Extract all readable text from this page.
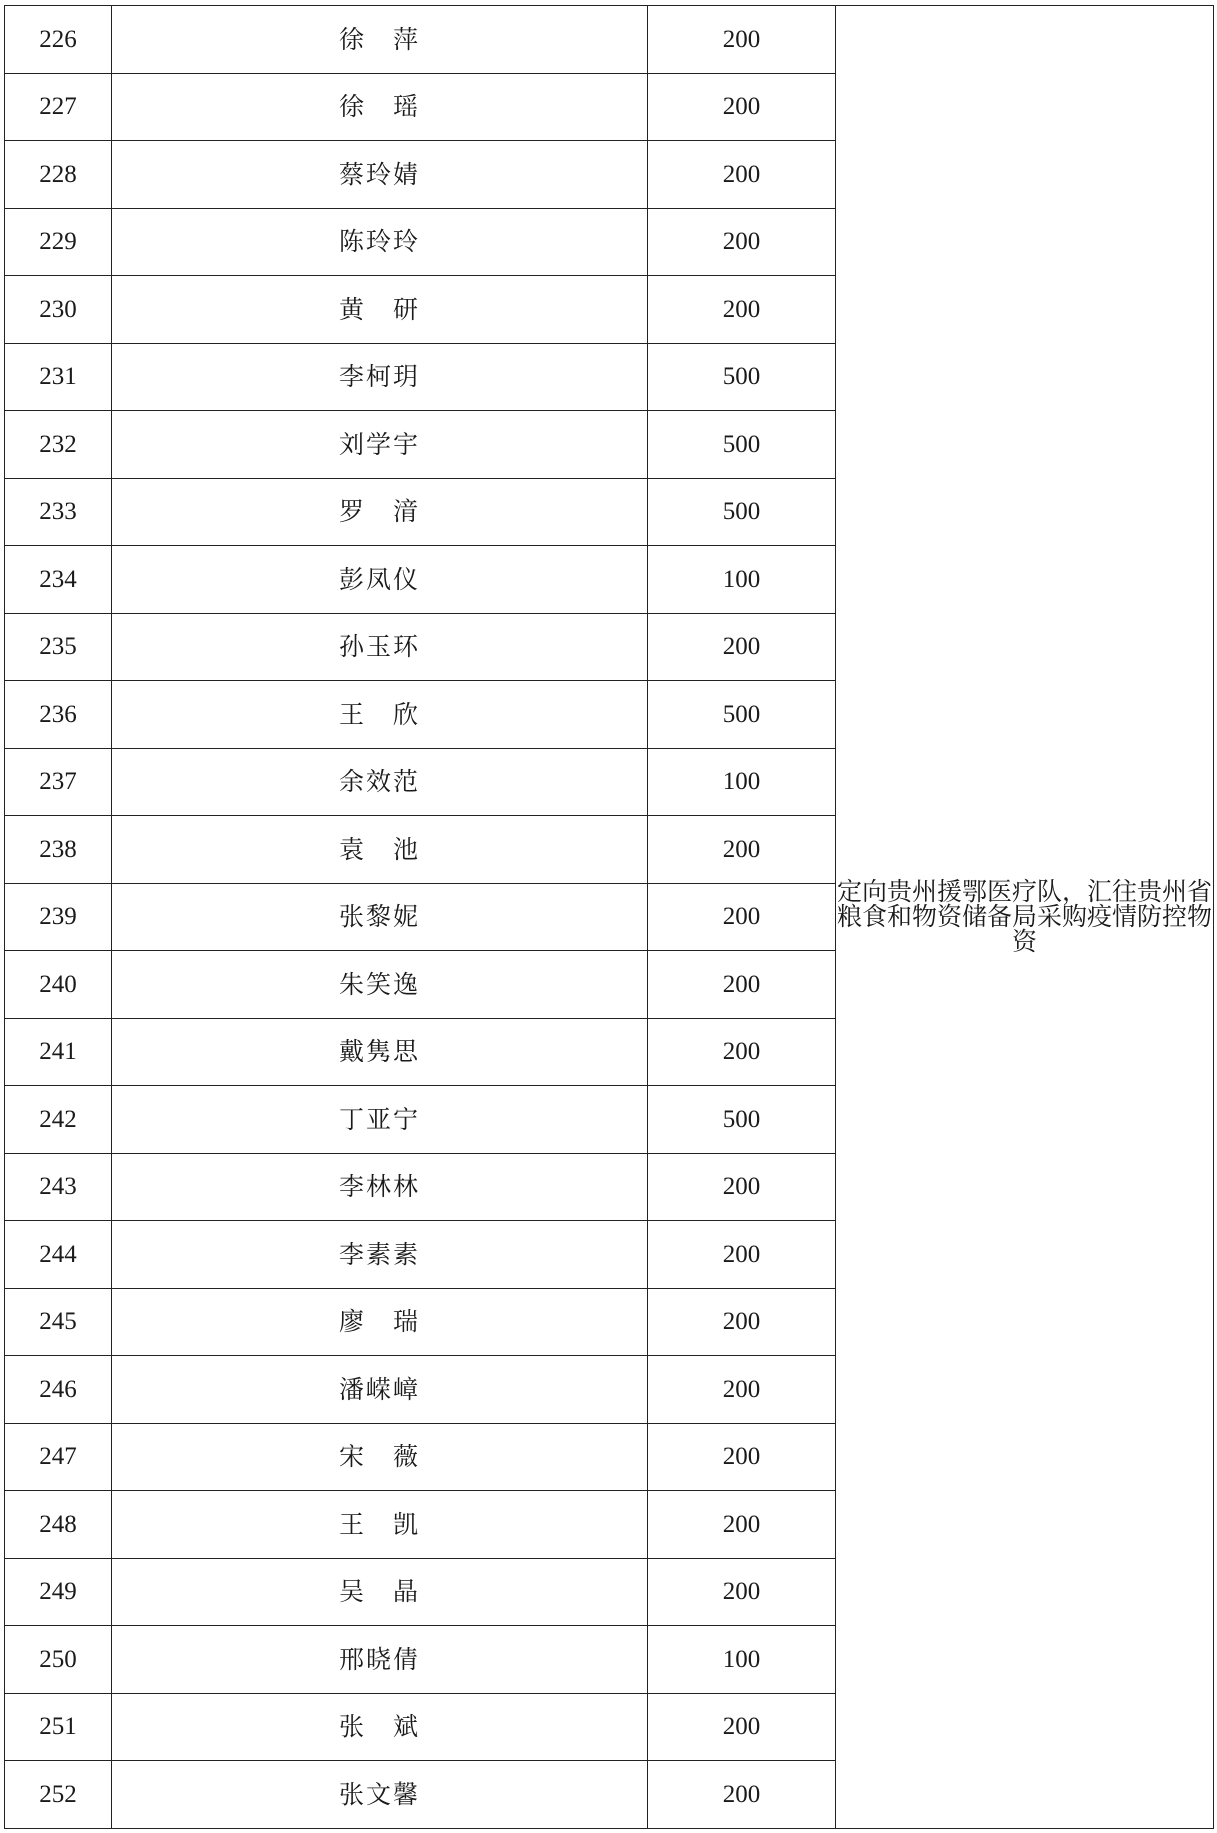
226	徐　萍	200	定向贵州援鄂医疗队，汇往贵州省粮食和物资储备局采购疫情防控物资
227	徐　瑶	200	
228	蔡玲婧	200	
229	陈玲玲	200	
230	黄　研	200	
231	李柯玥	500	
232	刘学宇	500	
233	罗　湇	500	
234	彭凤仪	100	
235	孙玉环	200	
236	王　欣	500	
237	余效范	100	
238	袁　池	200	
239	张黎妮	200	
240	朱笑逸	200	
241	戴隽思	200	
242	丁亚宁	500	
243	李林林	200	
244	李素素	200	
245	廖　瑞	200	
246	潘嵘嶂	200	
247	宋　薇	200	
248	王　凯	200	
249	吴　晶	200	
250	邢晓倩	100	
251	张　斌	200	
252	张文馨	200	
